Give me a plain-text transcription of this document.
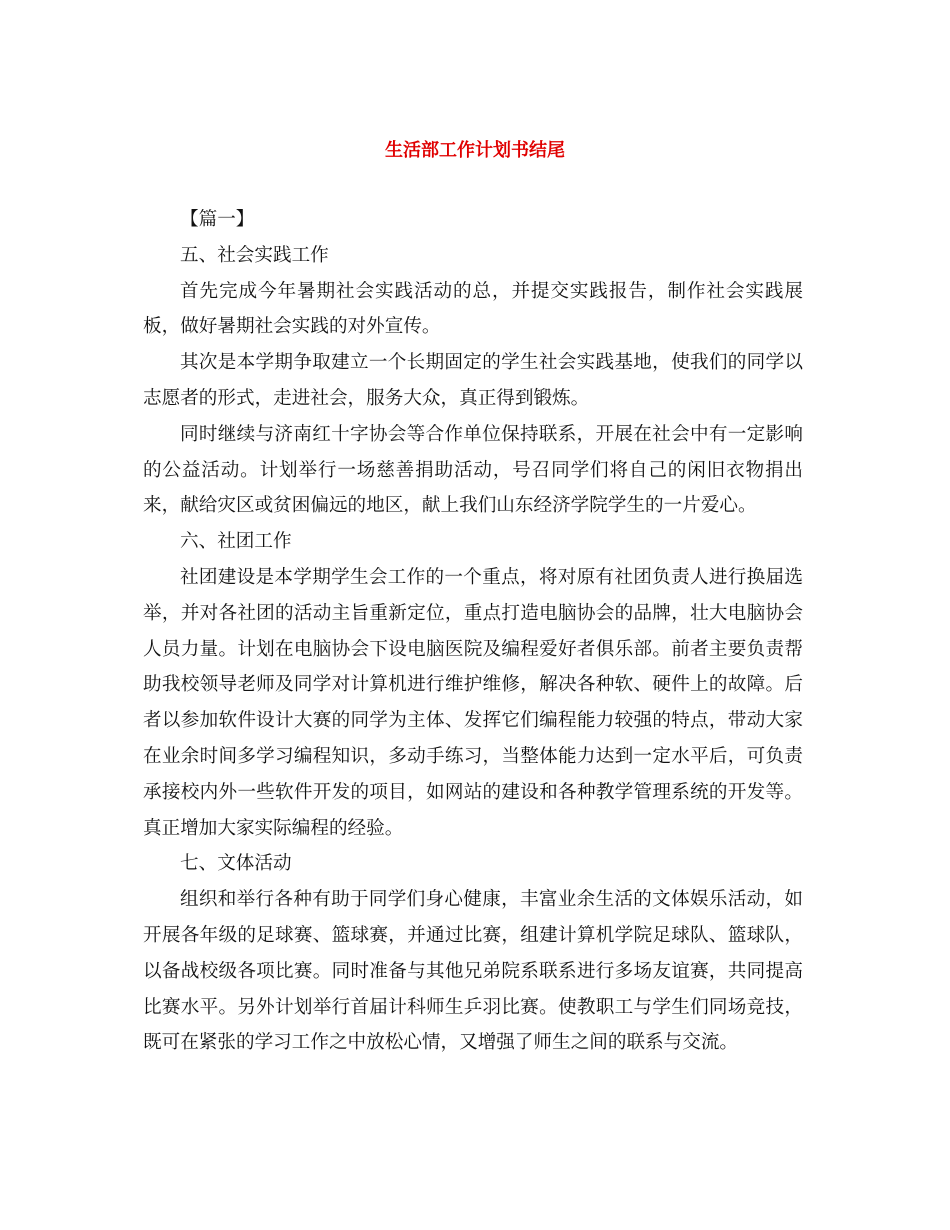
生活部工作计划书结尾

【篇一】

五、社会实践工作

首先完成今年暑期社会实践活动的总，并提交实践报告，制作社会实践展板，做好暑期社会实践的对外宣传。

其次是本学期争取建立一个长期固定的学生社会实践基地，使我们的同学以志愿者的形式，走进社会，服务大众，真正得到锻炼。

同时继续与济南红十字协会等合作单位保持联系，开展在社会中有一定影响的公益活动。计划举行一场慈善捐助活动，号召同学们将自己的闲旧衣物捐出来，献给灾区或贫困偏远的地区，献上我们山东经济学院学生的一片爱心。

六、社团工作

社团建设是本学期学生会工作的一个重点，将对原有社团负责人进行换届选举，并对各社团的活动主旨重新定位，重点打造电脑协会的品牌，壮大电脑协会人员力量。计划在电脑协会下设电脑医院及编程爱好者俱乐部。前者主要负责帮助我校领导老师及同学对计算机进行维护维修，解决各种软、硬件上的故障。后者以参加软件设计大赛的同学为主体、发挥它们编程能力较强的特点，带动大家在业余时间多学习编程知识，多动手练习，当整体能力达到一定水平后，可负责承接校内外一些软件开发的项目，如网站的建设和各种教学管理系统的开发等。真正增加大家实际编程的经验。

七、文体活动

组织和举行各种有助于同学们身心健康，丰富业余生活的文体娱乐活动，如开展各年级的足球赛、篮球赛，并通过比赛，组建计算机学院足球队、篮球队，以备战校级各项比赛。同时准备与其他兄弟院系联系进行多场友谊赛，共同提高比赛水平。另外计划举行首届计科师生乒羽比赛。使教职工与学生们同场竞技，既可在紧张的学习工作之中放松心情，又增强了师生之间的联系与交流。
